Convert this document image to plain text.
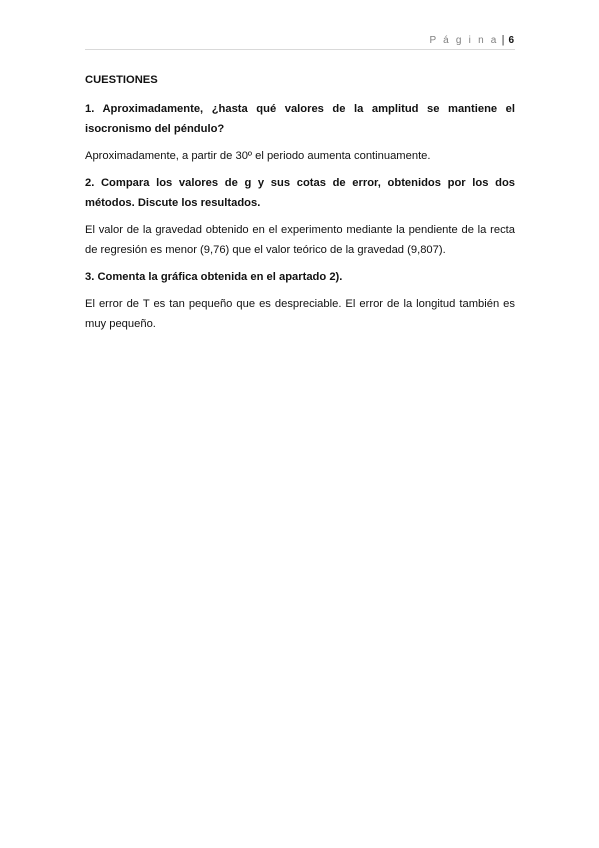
P á g i n a | 6

CUESTIONES

1. Aproximadamente, ¿hasta qué valores de la amplitud se mantiene el isocronismo del péndulo?

Aproximadamente, a partir de 30º el periodo aumenta continuamente.

2. Compara los valores de g y sus cotas de error, obtenidos por los dos métodos. Discute los resultados.

El valor de la gravedad obtenido en el experimento mediante la pendiente de la recta de regresión es menor (9,76) que el valor teórico de la gravedad (9,807).

3. Comenta la gráfica obtenida en el apartado 2).

El error de T es tan pequeño que es despreciable. El error de la longitud también es muy pequeño.
